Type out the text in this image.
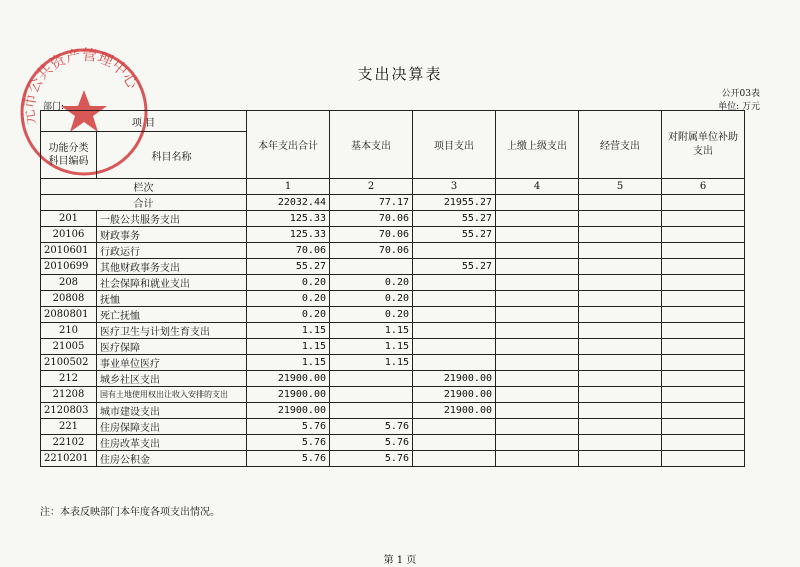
元市公共资产管理中心	支出决算表
公开03表
部门:	单位: 万元
项 目		本年支出合计	基本支出	项目支出	上缴上级支出	经营支出	对附属单位补助支出
功能分类科目编码	科目名称						
栏次		1	2	3	4	5	6
合计		22032.44	77.17	21955.27			
201	一般公共服务支出	125.33	70.06	55.27			
20106	财政事务	125.33	70.06	55.27			
2010601	行政运行	70.06	70.06				
2010699	其他财政事务支出	55.27		55.27			
208	社会保障和就业支出	0.20	0.20				
20808	抚恤	0.20	0.20				
2080801	死亡抚恤	0.20	0.20				
210	医疗卫生与计划生育支出	1.15	1.15				
21005	医疗保障	1.15	1.15				
2100502	事业单位医疗	1.15	1.15				
212	城乡社区支出	21900.00		21900.00			
21208	国有土地使用权出让收入安排的支出	21900.00		21900.00			
2120803	城市建设支出	21900.00		21900.00			
221	住房保障支出	5.76	5.76				
22102	住房改革支出	5.76	5.76				
2210201	住房公积金	5.76	5.76				
注：本表反映部门本年度各项支出情况。
第 1 页
